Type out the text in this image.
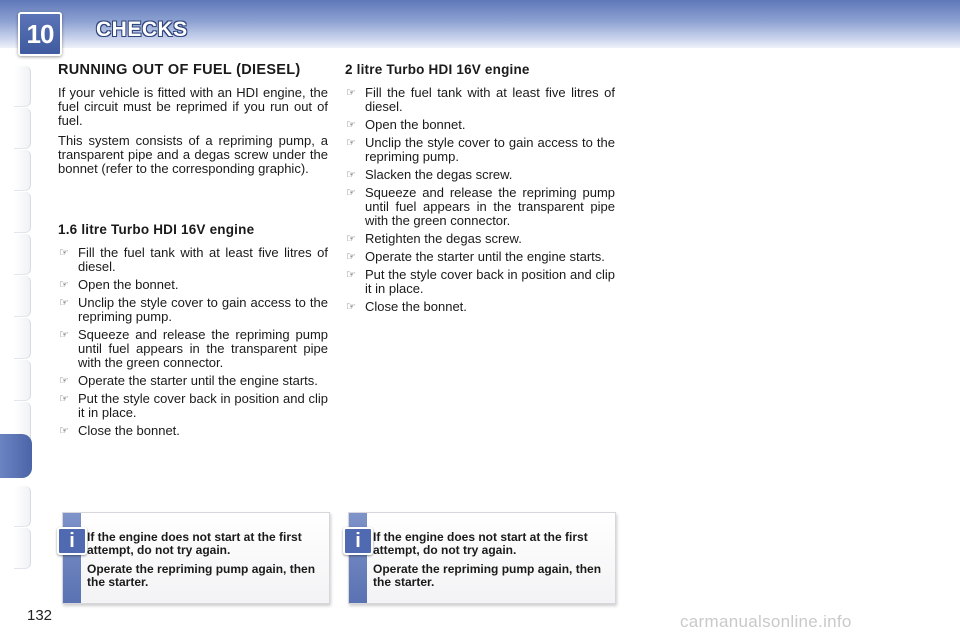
10	CHECKS
RUNNING OUT OF FUEL (DIESEL)

If your vehicle is fitted with an HDI engine, the fuel circuit must be reprimed if you run out of fuel.

This system consists of a repriming pump, a transparent pipe and a degas screw under the bonnet (refer to the corresponding graphic).

1.6 litre Turbo HDI 16V engine
☞ Fill the fuel tank with at least five litres of diesel.
☞ Open the bonnet.
☞ Unclip the style cover to gain access to the repriming pump.
☞ Squeeze and release the repriming pump until fuel appears in the transparent pipe with the green connector.
☞ Operate the starter until the engine starts.
☞ Put the style cover back in position and clip it in place.
☞ Close the bonnet.
2 litre Turbo HDI 16V engine
☞ Fill the fuel tank with at least five litres of diesel.
☞ Open the bonnet.
☞ Unclip the style cover to gain access to the repriming pump.
☞ Slacken the degas screw.
☞ Squeeze and release the repriming pump until fuel appears in the transparent pipe with the green connector.
☞ Retighten the degas screw.
☞ Operate the starter until the engine starts.
☞ Put the style cover back in position and clip it in place.
☞ Close the bonnet.
i	If the engine does not start at the first attempt, do not try again.

Operate the repriming pump again, then the starter.

i	If the engine does not start at the first attempt, do not try again.

Operate the repriming pump again, then the starter.

132	carmanualsonline.info
